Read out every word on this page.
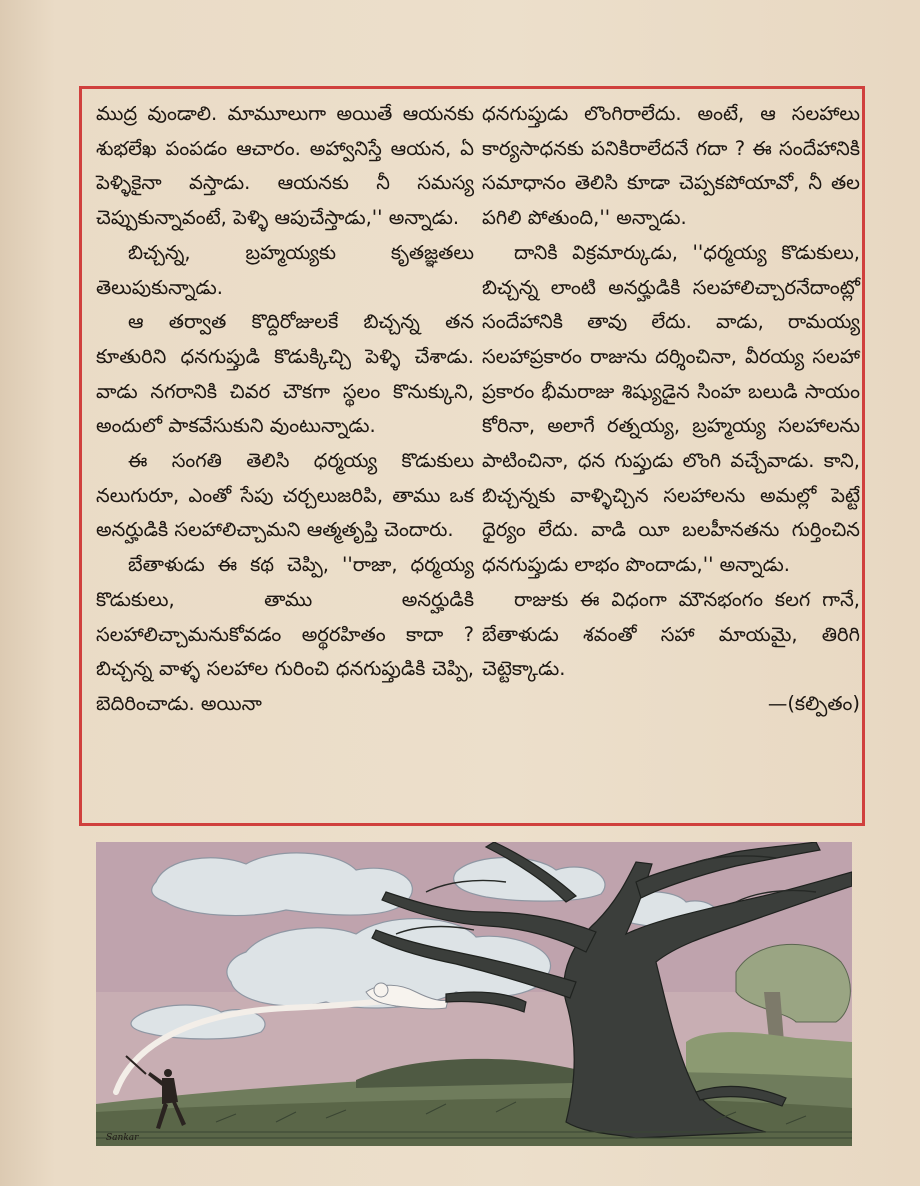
ముద్ర వుండాలి. మామూలుగా అయితే ఆయనకు శుభలేఖ పంపడం ఆచారం. అహ్వానిస్తే ఆయన, ఏ పెళ్ళికైనా వస్తాడు. ఆయనకు నీ సమస్య చెప్పుకున్నావంటే, పెళ్ళి ఆపుచేస్తాడు,'' అన్నాడు.

బిచ్చన్న, బ్రహ్మయ్యకు కృతజ్ఞతలు తెలుపుకున్నాడు.

ఆ తర్వాత కొద్దిరోజులకే బిచ్చన్న తన కూతురిని ధనగుప్తుడి కొడుక్కిచ్చి పెళ్ళి చేశాడు. వాడు నగరానికి చివర చౌకగా స్థలం కొనుక్కుని, అందులో పాకవేసుకుని వుంటున్నాడు.

ఈ సంగతి తెలిసి ధర్మయ్య కొడుకులు నలుగురూ, ఎంతో సేపు చర్చలుజరిపి, తాము ఒక అనర్హుడికి సలహాలిచ్చామని ఆత్మతృప్తి చెందారు.

బేతాళుడు ఈ కథ చెప్పి, ''రాజా, ధర్మయ్య కొడుకులు, తాము అనర్హుడికి సలహాలిచ్చామనుకోవడం అర్థరహితం కాదా ? బిచ్చన్న వాళ్ళ సలహాల గురించి ధనగుప్తుడికి చెప్పి, బెదిరించాడు. అయినా

ధనగుప్తుడు లొంగిరాలేదు. అంటే, ఆ సలహాలు కార్యసాధనకు పనికిరాలేదనే గదా ? ఈ సందేహానికి సమాధానం తెలిసి కూడా చెప్పకపోయావో, నీ తల పగిలి పోతుంది,'' అన్నాడు.

దానికి విక్రమార్కుడు, ''ధర్మయ్య కొడుకులు, బిచ్చన్న లాంటి అనర్హుడికి సలహాలిచ్చారనేదాంట్లో సందేహానికి తావు లేదు. వాడు, రామయ్య సలహాప్రకారం రాజును దర్శించినా, వీరయ్య సలహా ప్రకారం భీమరాజు శిష్యుడైన సింహ బలుడి సాయం కోరినా, అలాగే రత్నయ్య, బ్రహ్మయ్య సలహాలను పాటించినా, ధన గుప్తుడు లొంగి వచ్చేవాడు. కాని, బిచ్చన్నకు వాళ్ళిచ్చిన సలహాలను అమల్లో పెట్టే ధైర్యం లేదు. వాడి యీ బలహీనతను గుర్తించిన ధనగుప్తుడు లాభం పొందాడు,'' అన్నాడు.

రాజుకు ఈ విధంగా మౌనభంగం కలగ గానే, బేతాళుడు శవంతో సహా మాయమై, తిరిగి చెట్టెక్కాడు.

—(కల్పితం)

Sankar
